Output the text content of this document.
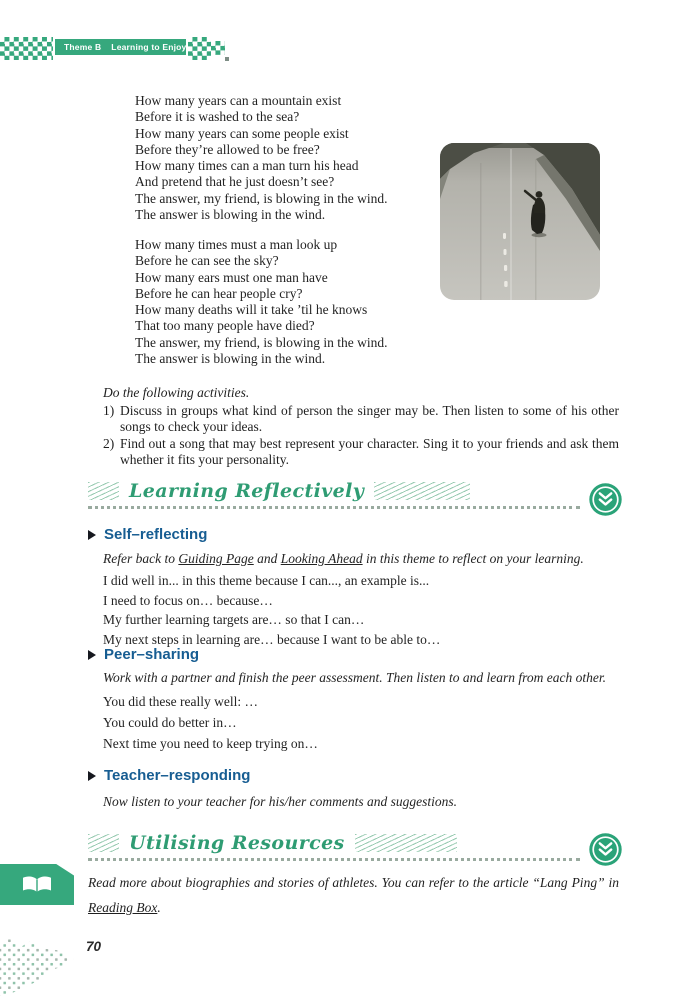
Theme B Learning to Enjoy
How many years can a mountain exist
Before it is washed to the sea?
How many years can some people exist
Before they’re allowed to be free?
How many times can a man turn his head
And pretend that he just doesn’t see?
The answer, my friend, is blowing in the wind.
The answer is blowing in the wind.
How many times must a man look up
Before he can see the sky?
How many ears must one man have
Before he can hear people cry?
How many deaths will it take ’til he knows
That too many people have died?
The answer, my friend, is blowing in the wind.
The answer is blowing in the wind.
Do the following activities.
1) Discuss in groups what kind of person the singer may be. Then listen to some of his other songs to check your ideas.
2) Find out a song that may best represent your character. Sing it to your friends and ask them whether it fits your personality.
Learning Reflectively
Self–reflecting
Refer back to Guiding Page and Looking Ahead in this theme to reflect on your learning.
I did well in... in this theme because I can..., an example is...
I need to focus on… because…
My further learning targets are… so that I can…
My next steps in learning are… because I want to be able to…
Peer–sharing
Work with a partner and finish the peer assessment. Then listen to and learn from each other.
You did these really well: …
You could do better in…
Next time you need to keep trying on…
Teacher–responding
Now listen to your teacher for his/her comments and suggestions.
Utilising Resources
Read more about biographies and stories of athletes. You can refer to the article “Lang Ping” in Reading Box.
70
